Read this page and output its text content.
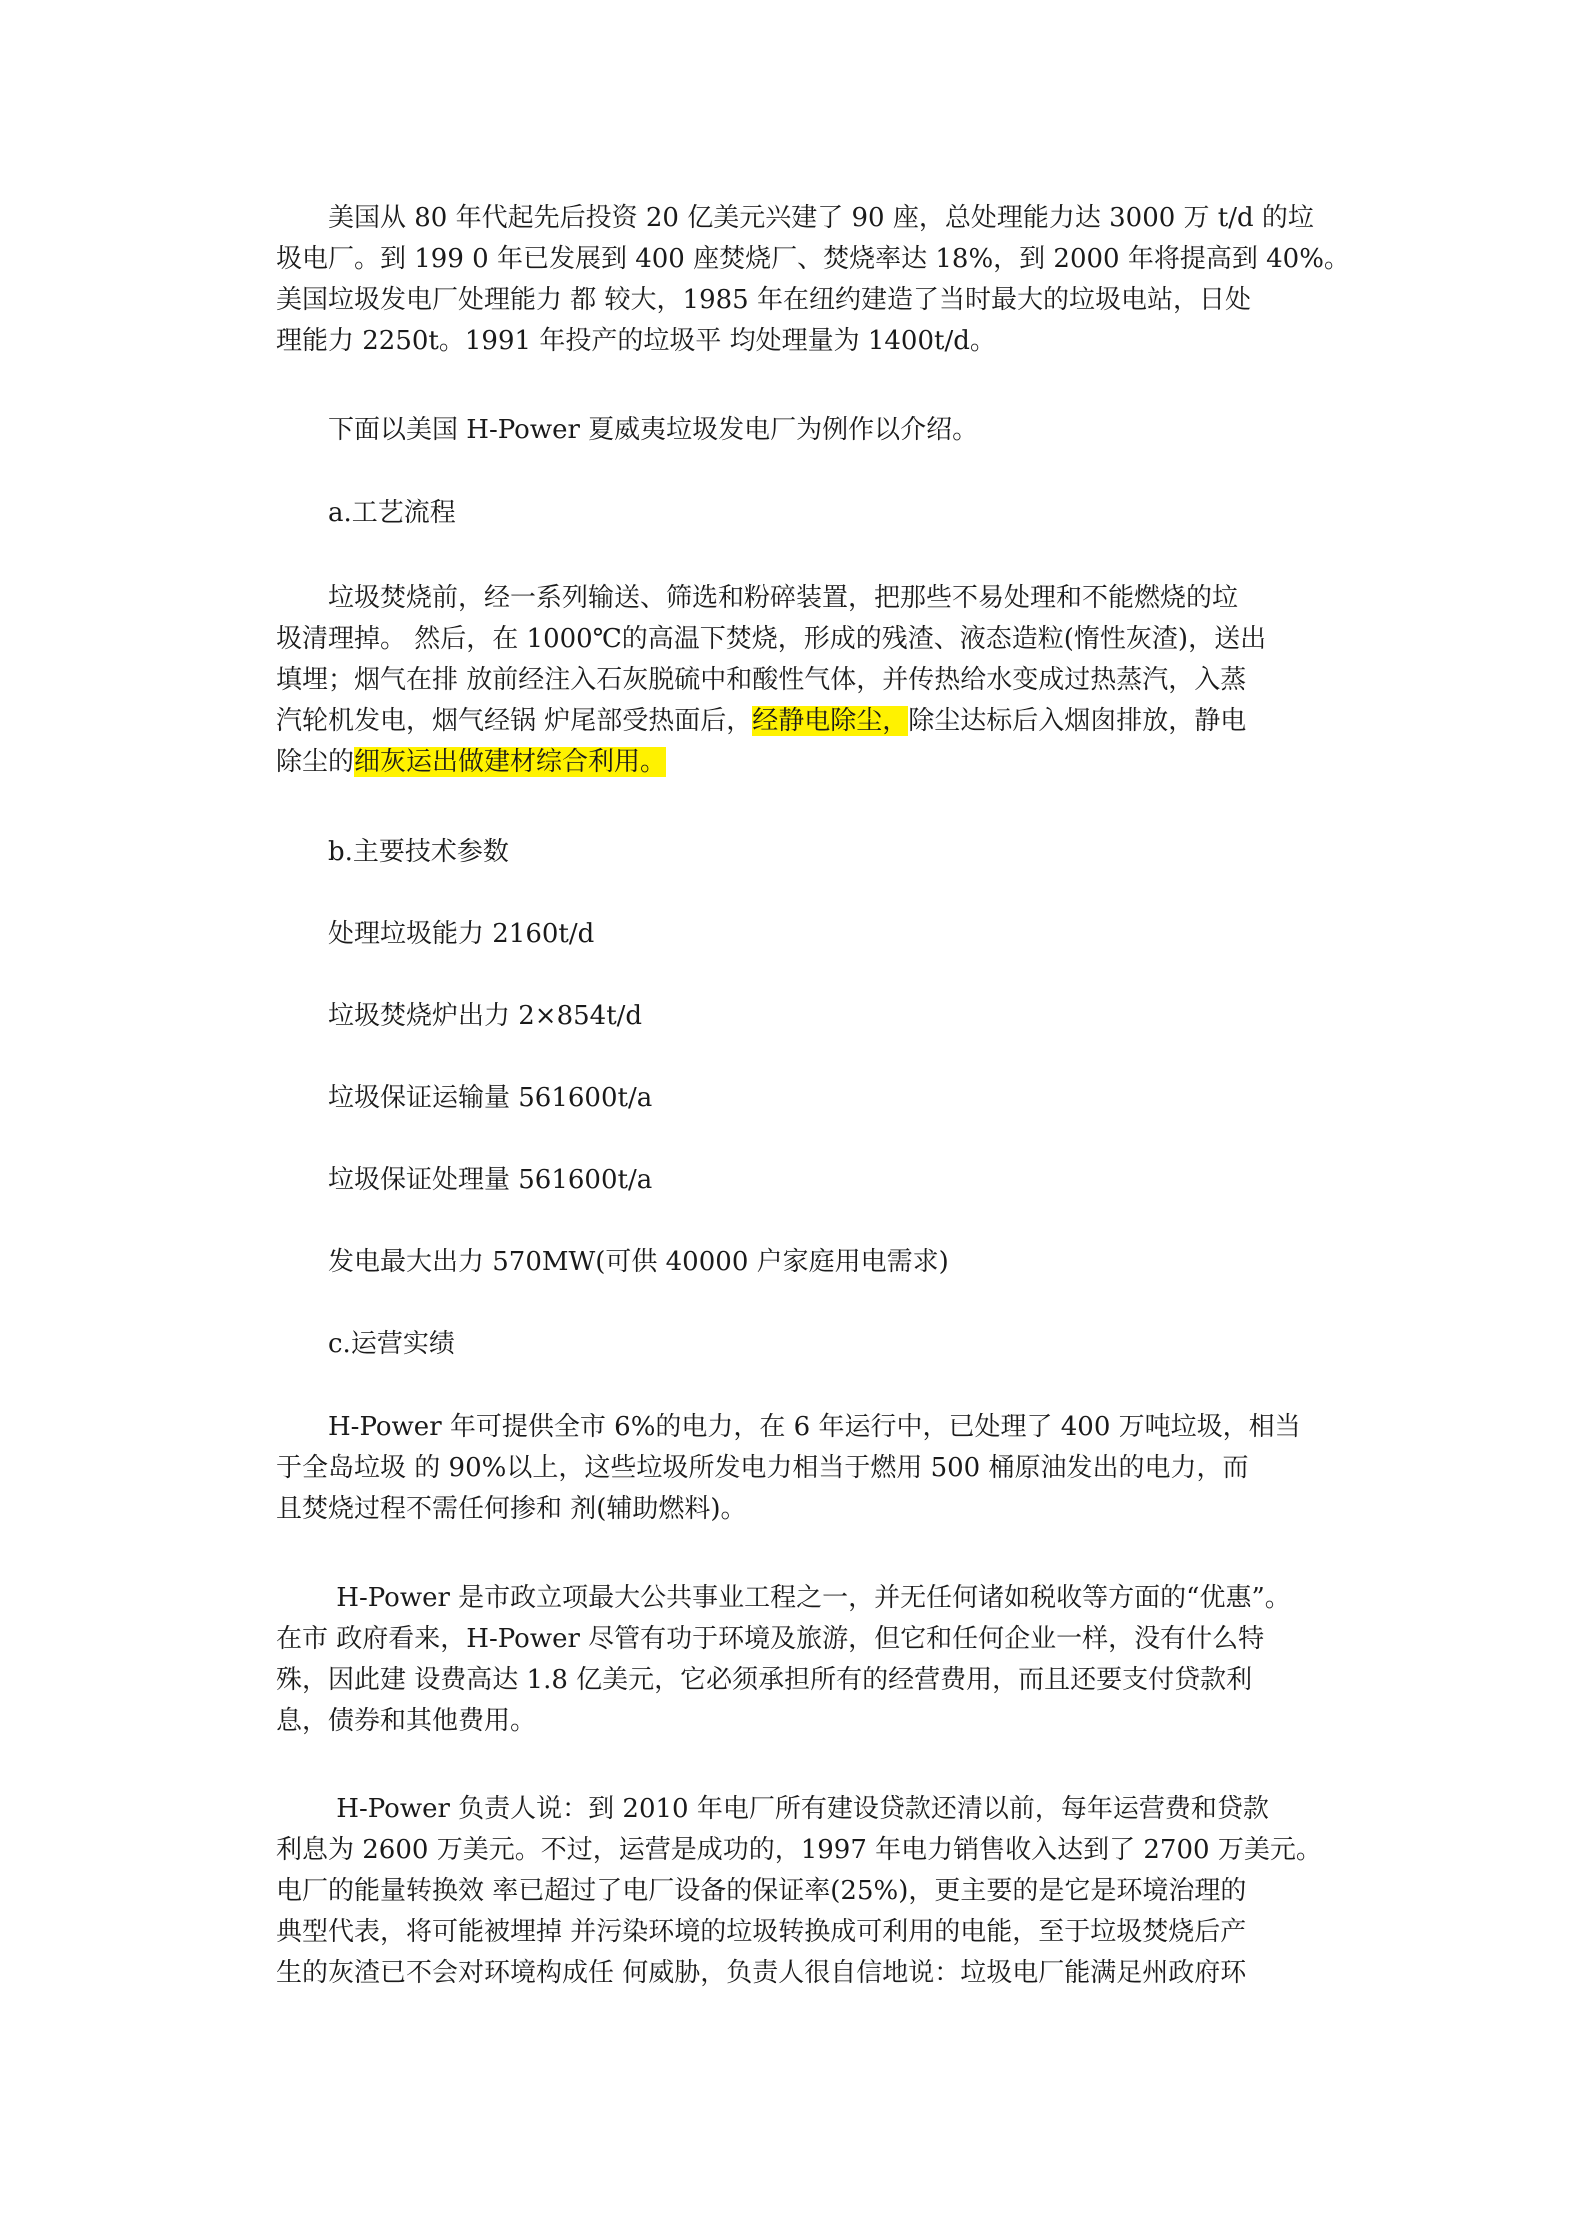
　　美国从 80 年代起先后投资 20 亿美元兴建了 90 座，总处理能力达 3000 万 t/d 的垃
圾电厂。到 199 0 年已发展到 400 座焚烧厂、焚烧率达 18%，到 2000 年将提高到 40%。
美国垃圾发电厂处理能力 都 较大，1985 年在纽约建造了当时最大的垃圾电站，日处
理能力 2250t。1991 年投产的垃圾平 均处理量为 1400t/d。
　　下面以美国 H-Power 夏威夷垃圾发电厂为例作以介绍。
　　a.工艺流程
　　垃圾焚烧前，经一系列输送、筛选和粉碎装置，把那些不易处理和不能燃烧的垃
圾清理掉。 然后，在 1000℃的高温下焚烧，形成的残渣、液态造粒(惰性灰渣)，送出
填埋；烟气在排 放前经注入石灰脱硫中和酸性气体，并传热给水变成过热蒸汽，入蒸
汽轮机发电，烟气经锅 炉尾部受热面后，经静电除尘，除尘达标后入烟囱排放，静电
除尘的细灰运出做建材综合利用。
　　b.主要技术参数
　　处理垃圾能力 2160t/d
　　垃圾焚烧炉出力 2×854t/d
　　垃圾保证运输量 561600t/a
　　垃圾保证处理量 561600t/a
　　发电最大出力 570MW(可供 40000 户家庭用电需求)
　　c.运营实绩
　　H-Power 年可提供全市 6%的电力，在 6 年运行中，已处理了 400 万吨垃圾，相当
于全岛垃圾 的 90%以上，这些垃圾所发电力相当于燃用 500 桶原油发出的电力，而
且焚烧过程不需任何掺和 剂(辅助燃料)。
　　 H-Power 是市政立项最大公共事业工程之一，并无任何诸如税收等方面的“优惠”。
在市 政府看来，H-Power 尽管有功于环境及旅游，但它和任何企业一样，没有什么特
殊，因此建 设费高达 1.8 亿美元，它必须承担所有的经营费用，而且还要支付贷款利
息，债券和其他费用。
　　 H-Power 负责人说：到 2010 年电厂所有建设贷款还清以前，每年运营费和贷款
利息为 2600 万美元。不过，运营是成功的，1997 年电力销售收入达到了 2700 万美元。
电厂的能量转换效 率已超过了电厂设备的保证率(25%)，更主要的是它是环境治理的
典型代表，将可能被埋掉 并污染环境的垃圾转换成可利用的电能，至于垃圾焚烧后产
生的灰渣已不会对环境构成任 何威胁，负责人很自信地说：垃圾电厂能满足州政府环
